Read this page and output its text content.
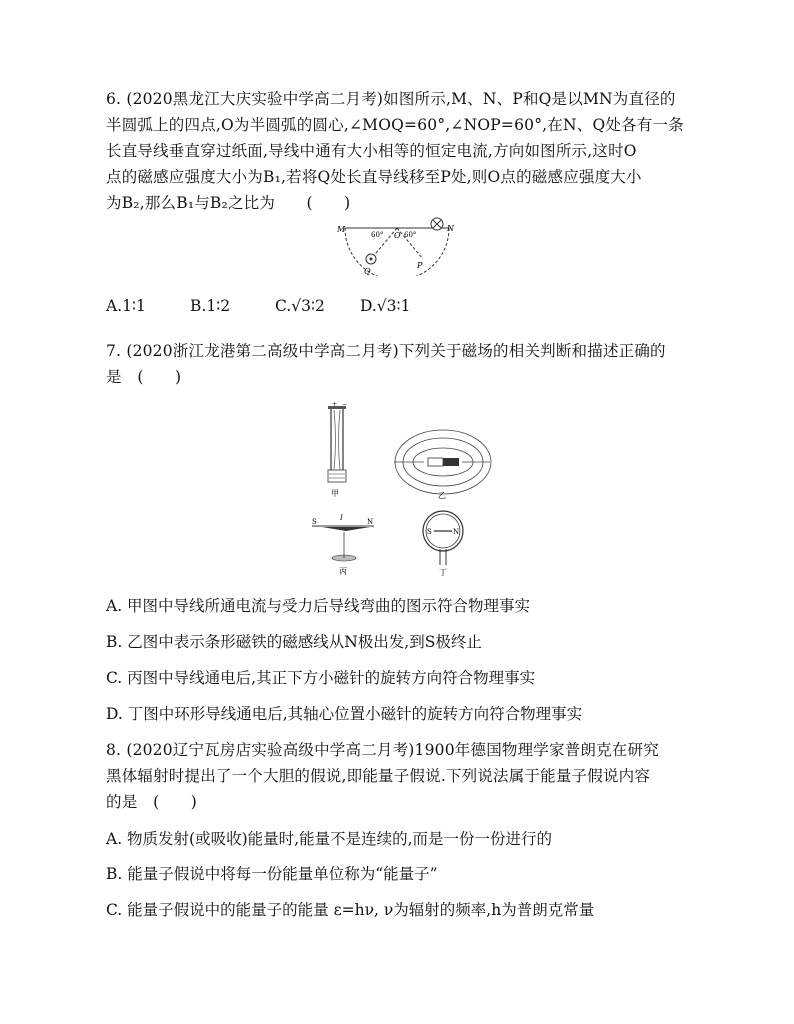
6. (2020黑龙江大庆实验中学高二月考)如图所示,M、N、P和Q是以MN为直径的
半圆弧上的四点,O为半圆弧的圆心,∠MOQ=60°,∠NOP=60°,在N、Q处各有一条
长直导线垂直穿过纸面,导线中通有大小相等的恒定电流,方向如图所示,这时O
点的磁感应强度大小为B₁,若将Q处长直导线移至P处,则O点的磁感应强度大小
为B₂,那么B₁与B₂之比为　　(　　)
M	N
O
Q
P
60°	60°
A.1∶1	B.1∶2	C.√3∶2 D.√3∶1
7. (2020浙江龙港第二高级中学高二月考)下列关于磁场的相关判断和描述正确的
是　(　　)
+ −
甲	乙
I
S	N
丙
S	N
丁
A. 甲图中导线所通电流与受力后导线弯曲的图示符合物理事实
B. 乙图中表示条形磁铁的磁感线从N极出发,到S极终止
C. 丙图中导线通电后,其正下方小磁针的旋转方向符合物理事实
D. 丁图中环形导线通电后,其轴心位置小磁针的旋转方向符合物理事实
8. (2020辽宁瓦房店实验高级中学高二月考)1900年德国物理学家普朗克在研究
黑体辐射时提出了一个大胆的假说,即能量子假说.下列说法属于能量子假说内容
的是　(　　)
A. 物质发射(或吸收)能量时,能量不是连续的,而是一份一份进行的
B. 能量子假说中将每一份能量单位称为“能量子”
C. 能量子假说中的能量子的能量 ε=hν, ν为辐射的频率,h为普朗克常量
